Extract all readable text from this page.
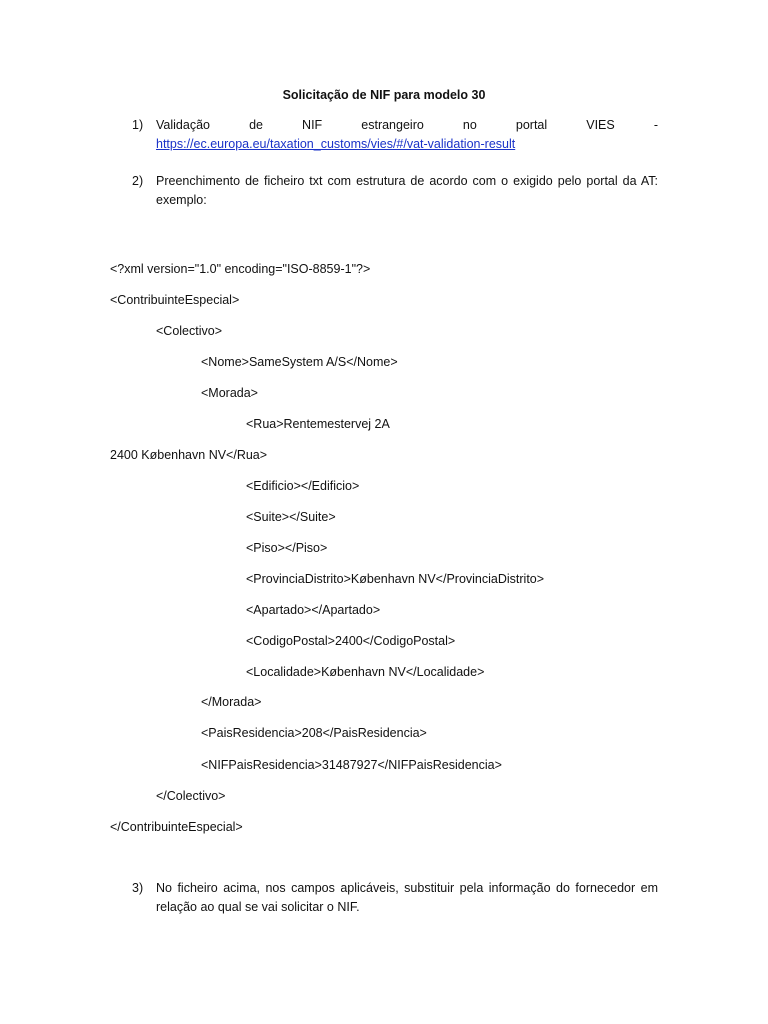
Solicitação de NIF para modelo 30
1) Validação	de	NIF	estrangeiro	no	portal	VIES	-
https://ec.europa.eu/taxation_customs/vies/#/vat-validation-result
2) Preenchimento de ficheiro txt com estrutura de acordo com o exigido pelo portal da AT: exemplo:
<?xml version="1.0" encoding="ISO-8859-1"?>
<ContribuinteEspecial>
<Colectivo>
<Nome>SameSystem A/S</Nome>
<Morada>
<Rua>Rentemestervej 2A
2400 København NV</Rua>
<Edificio></Edificio>
<Suite></Suite>
<Piso></Piso>
<ProvinciaDistrito>København NV</ProvinciaDistrito>
<Apartado></Apartado>
<CodigoPostal>2400</CodigoPostal>
<Localidade>København NV</Localidade>
</Morada>
<PaisResidencia>208</PaisResidencia>
<NIFPaisResidencia>31487927</NIFPaisResidencia>
</Colectivo>
</ContribuinteEspecial>
3) No ficheiro acima, nos campos aplicáveis, substituir pela informação do fornecedor em relação ao qual se vai solicitar o NIF.
